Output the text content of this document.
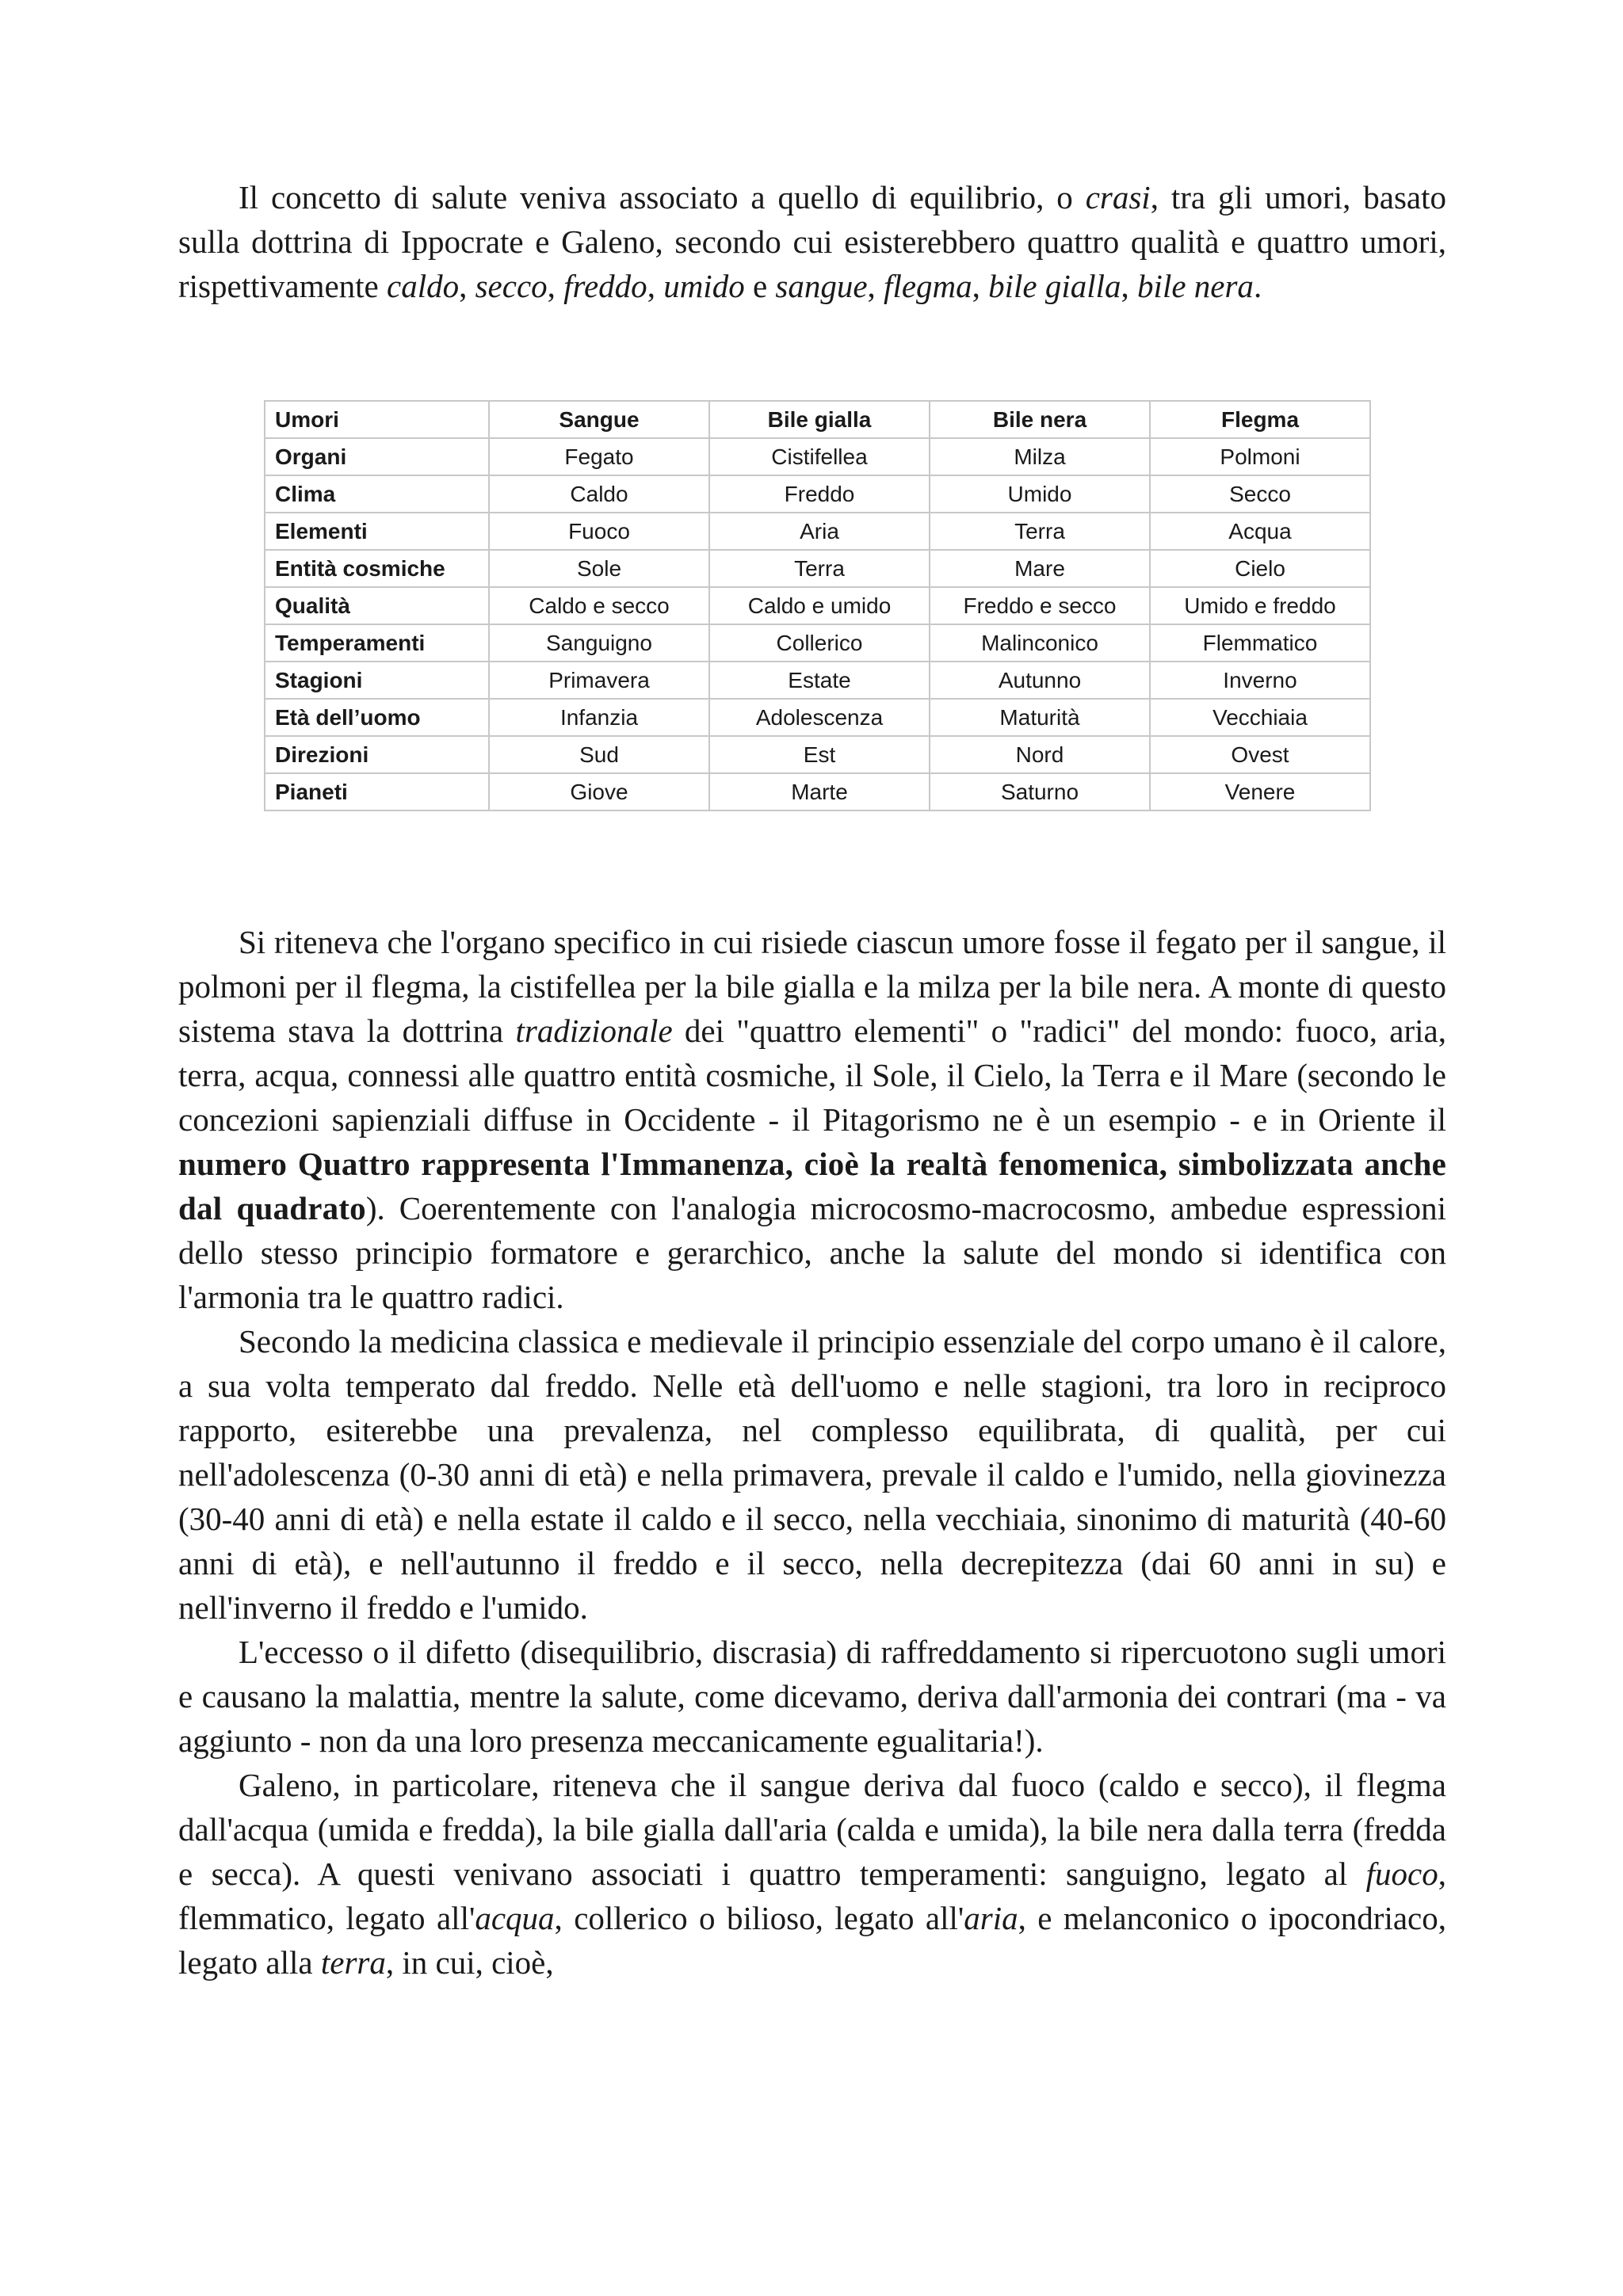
Il concetto di salute veniva associato a quello di equilibrio, o crasi, tra gli umori, basato sulla dottrina di Ippocrate e Galeno, secondo cui esisterebbero quattro qualità e quattro umori, rispettivamente caldo, secco, freddo, umido e sangue, flegma, bile gialla, bile nera.

Umori	Sangue	Bile gialla	Bile nera	Flegma
Organi	Fegato	Cistifellea	Milza	Polmoni
Clima	Caldo	Freddo	Umido	Secco
Elementi	Fuoco	Aria	Terra	Acqua
Entità cosmiche	Sole	Terra	Mare	Cielo
Qualità	Caldo e secco	Caldo e umido	Freddo e secco	Umido e freddo
Temperamenti	Sanguigno	Collerico	Malinconico	Flemmatico
Stagioni	Primavera	Estate	Autunno	Inverno
Età dell’uomo	Infanzia	Adolescenza	Maturità	Vecchiaia
Direzioni	Sud	Est	Nord	Ovest
Pianeti	Giove	Marte	Saturno	Venere

Si riteneva che l'organo specifico in cui risiede ciascun umore fosse il fegato per il sangue, il polmoni per il flegma, la cistifellea per la bile gialla e la milza per la bile nera. A monte di questo sistema stava la dottrina tradizionale dei "quattro elementi" o "radici" del mondo: fuoco, aria, terra, acqua, connessi alle quattro entità cosmiche, il Sole, il Cielo, la Terra e il Mare (secondo le concezioni sapienziali diffuse in Occidente - il Pitagorismo ne è un esempio - e in Oriente il numero Quattro rappresenta l'Immanenza, cioè la realtà fenomenica, simbolizzata anche dal quadrato). Coerentemente con l'analogia microcosmo-macrocosmo, ambedue espressioni dello stesso principio formatore e gerarchico, anche la salute del mondo si identifica con l'armonia tra le quattro radici.

Secondo la medicina classica e medievale il principio essenziale del corpo umano è il calore, a sua volta temperato dal freddo. Nelle età dell'uomo e nelle stagioni, tra loro in reciproco rapporto, esiterebbe una prevalenza, nel complesso equilibrata, di qualità, per cui nell'adolescenza (0-30 anni di età) e nella primavera, prevale il caldo e l'umido, nella giovinezza (30-40 anni di età) e nella estate il caldo e il secco, nella vecchiaia, sinonimo di maturità (40-60 anni di età), e nell'autunno il freddo e il secco, nella decrepitezza (dai 60 anni in su) e nell'inverno il freddo e l'umido.

L'eccesso o il difetto (disequilibrio, discrasia) di raffreddamento si ripercuotono sugli umori e causano la malattia, mentre la salute, come dicevamo, deriva dall'armonia dei contrari (ma - va aggiunto - non da una loro presenza meccanicamente egualitaria!).

Galeno, in particolare, riteneva che il sangue deriva dal fuoco (caldo e secco), il flegma dall'acqua (umida e fredda), la bile gialla dall'aria (calda e umida), la bile nera dalla terra (fredda e secca). A questi venivano associati i quattro temperamenti: sanguigno, legato al fuoco, flemmatico, legato all'acqua, collerico o bilioso, legato all'aria, e melanconico o ipocondriaco, legato alla terra, in cui, cioè,
